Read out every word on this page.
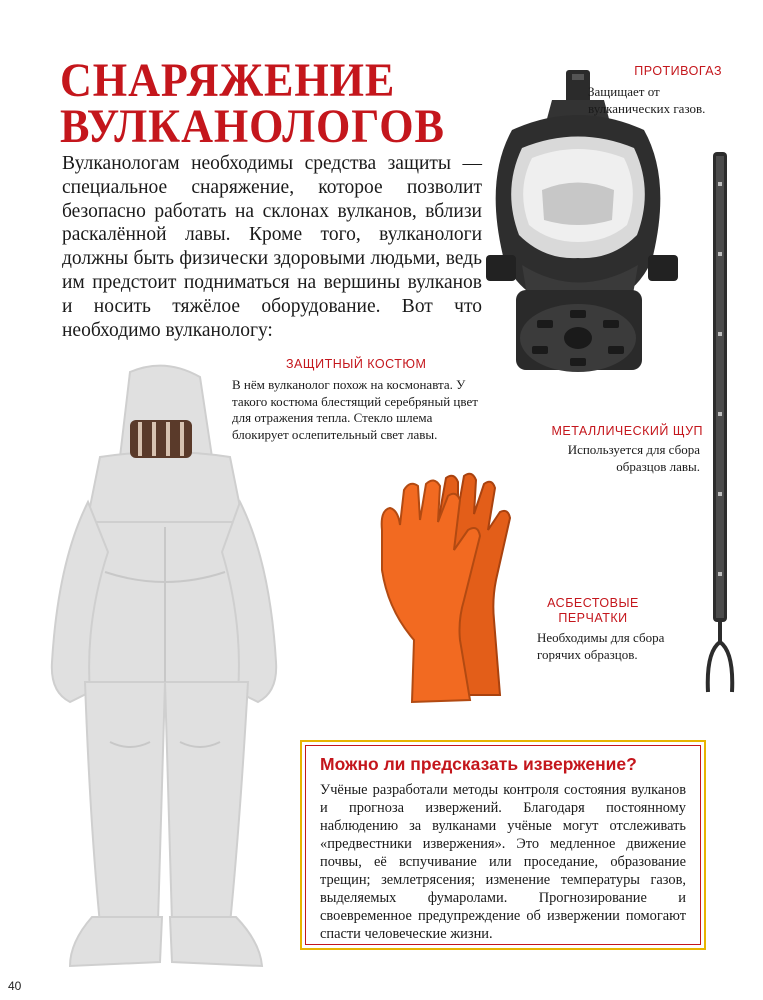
СНАРЯЖЕНИЕ
ВУЛКАНОЛОГОВ

Вулканологам необходимы средства защиты — специальное снаряжение, которое позволит безопасно работать на склонах вулканов, вблизи раскалённой лавы. Кроме того, вулканологи должны быть физически здоровыми людьми, ведь им предстоит подниматься на вершины вулканов и носить тяжёлое оборудование. Вот что необходимо вулканологу:

ПРОТИВОГАЗ

Защищает от вулканических газов.

МЕТАЛЛИЧЕСКИЙ ЩУП

Используется для сбора образцов лавы.

ЗАЩИТНЫЙ КОСТЮМ

В нём вулканолог похож на космонавта. У такого костюма блестящий серебряный цвет для отражения тепла. Стекло шлема блокирует ослепительный свет лавы.

АСБЕСТОВЫЕ
ПЕРЧАТКИ

Необходимы для сбора горячих образцов.

Можно ли предсказать извержение?

Учёные разработали методы контроля состояния вулканов и прогноза извержений. Благодаря постоянному наблюдению за вулканами учёные могут отслеживать «предвестники извержения». Это медленное движение почвы, её вспучивание или проседание, образование трещин; землетрясения; изменение температуры газов, выделяемых фумаролами. Прогнозирование и своевременное предупреждение об извержении помогают спасти человеческие жизни.

40
